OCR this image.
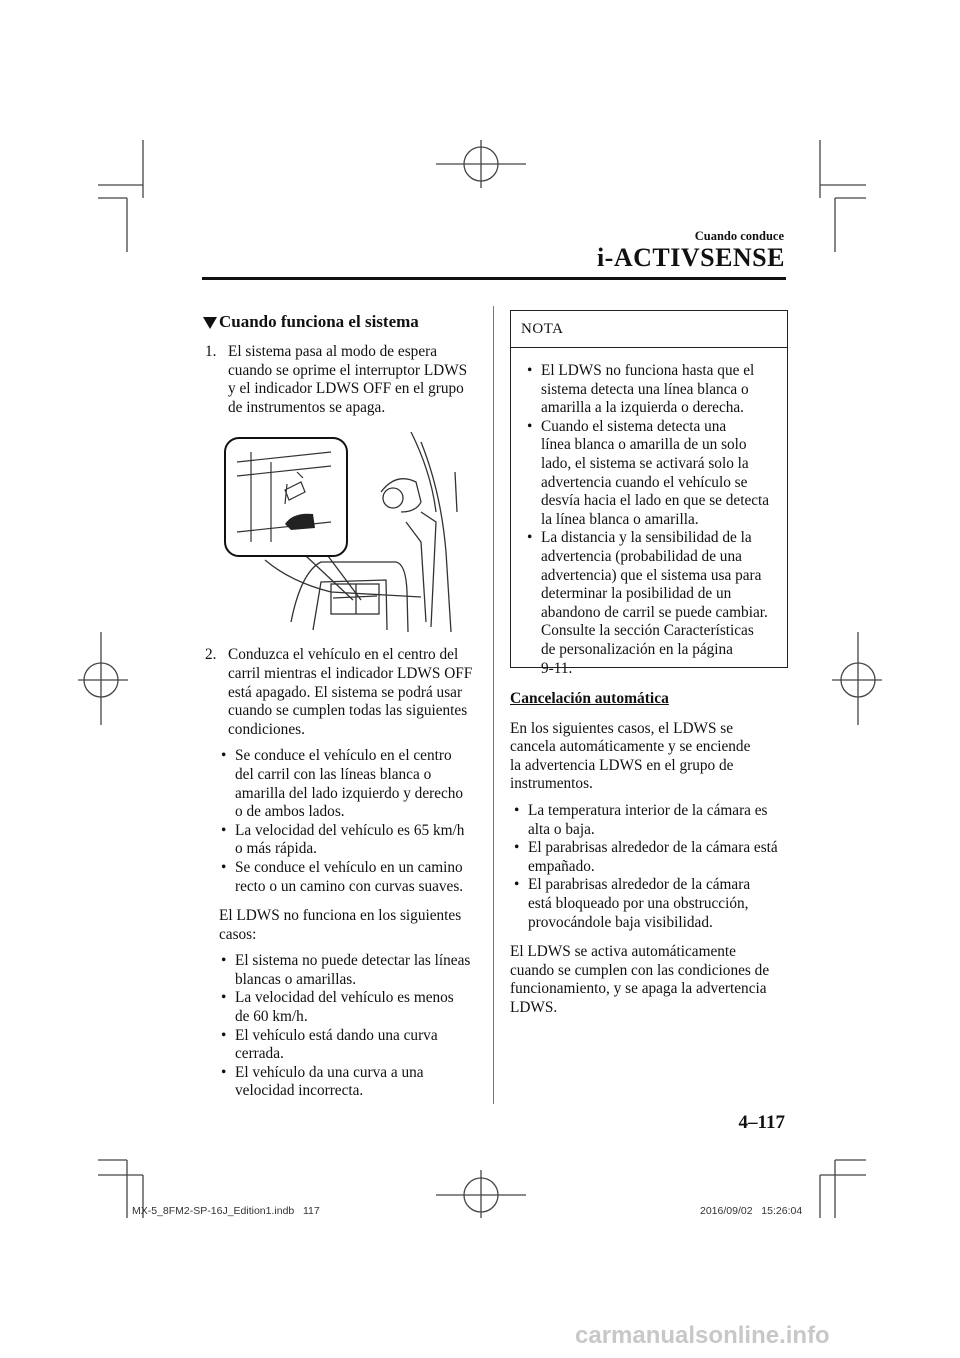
Cuando conduce
i-ACTIVSENSE
Cuando funciona el sistema
1. El sistema pasa al modo de espera
cuando se oprime el interruptor LDWS
y el indicador LDWS OFF en el grupo
de instrumentos se apaga.
2. Conduzca el vehículo en el centro del
carril mientras el indicador LDWS OFF
está apagado. El sistema se podrá usar
cuando se cumplen todas las siguientes
condiciones.
• Se conduce el vehículo en el centro
del carril con las líneas blanca o
amarilla del lado izquierdo y derecho
o de ambos lados.
• La velocidad del vehículo es 65 km/h
o más rápida.
• Se conduce el vehículo en un camino
recto o un camino con curvas suaves.
El LDWS no funciona en los siguientes
casos:
• El sistema no puede detectar las líneas
blancas o amarillas.
• La velocidad del vehículo es menos
de 60 km/h.
• El vehículo está dando una curva
cerrada.
• El vehículo da una curva a una
velocidad incorrecta.
NOTA
• El LDWS no funciona hasta que el
sistema detecta una línea blanca o
amarilla a la izquierda o derecha.
• Cuando el sistema detecta una
línea blanca o amarilla de un solo
lado, el sistema se activará solo la
advertencia cuando el vehículo se
desvía hacia el lado en que se detecta
la línea blanca o amarilla.
• La distancia y la sensibilidad de la
advertencia (probabilidad de una
advertencia) que el sistema usa para
determinar la posibilidad de un
abandono de carril se puede cambiar.
Consulte la sección Características
de personalización en la página
9-11.
Cancelación automática
En los siguientes casos, el LDWS se
cancela automáticamente y se enciende
la advertencia LDWS en el grupo de
instrumentos.
• La temperatura interior de la cámara es
alta o baja.
• El parabrisas alrededor de la cámara está
empañado.
• El parabrisas alrededor de la cámara
está bloqueado por una obstrucción,
provocándole baja visibilidad.
El LDWS se activa automáticamente
cuando se cumplen con las condiciones de
funcionamiento, y se apaga la advertencia
LDWS.
4–117
MX-5_8FM2-SP-16J_Edition1.indb   117	2016/09/02   15:26:04
carmanualsonline.info
